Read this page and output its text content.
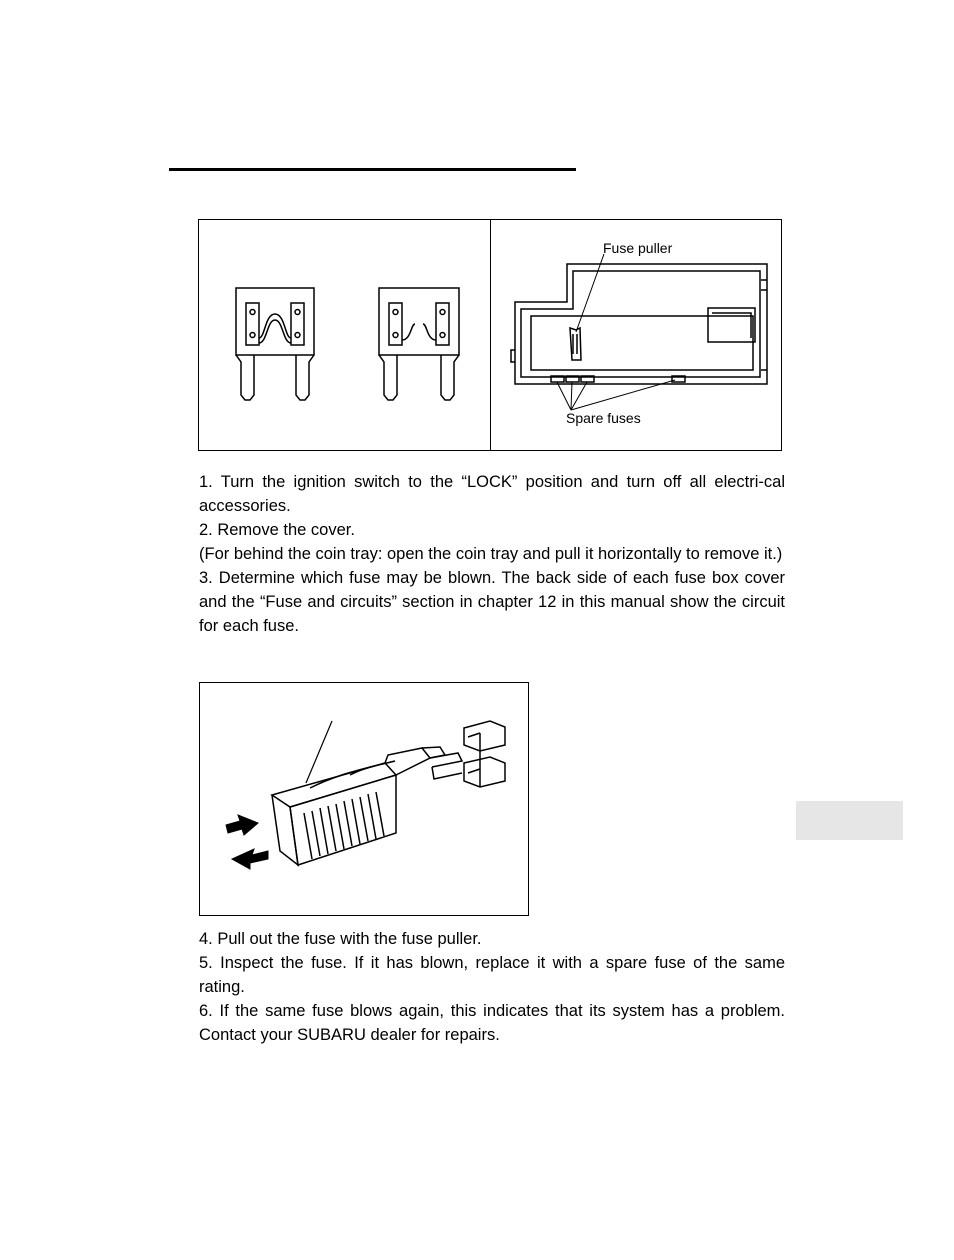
Fuse puller
Spare fuses

1. Turn the ignition switch to the “LOCK” position and turn off all electri-cal accessories.

2. Remove the cover.

(For behind the coin tray: open the coin tray and pull it horizontally to remove it.)

3. Determine which fuse may be blown. The back side of each fuse box cover and the “Fuse and circuits” section in chapter 12 in this manual show the circuit for each fuse.

4. Pull out the fuse with the fuse puller.

5. Inspect the fuse. If it has blown, replace it with a spare fuse of the same rating.

6. If the same fuse blows again, this indicates that its system has a problem. Contact your SUBARU dealer for repairs.
